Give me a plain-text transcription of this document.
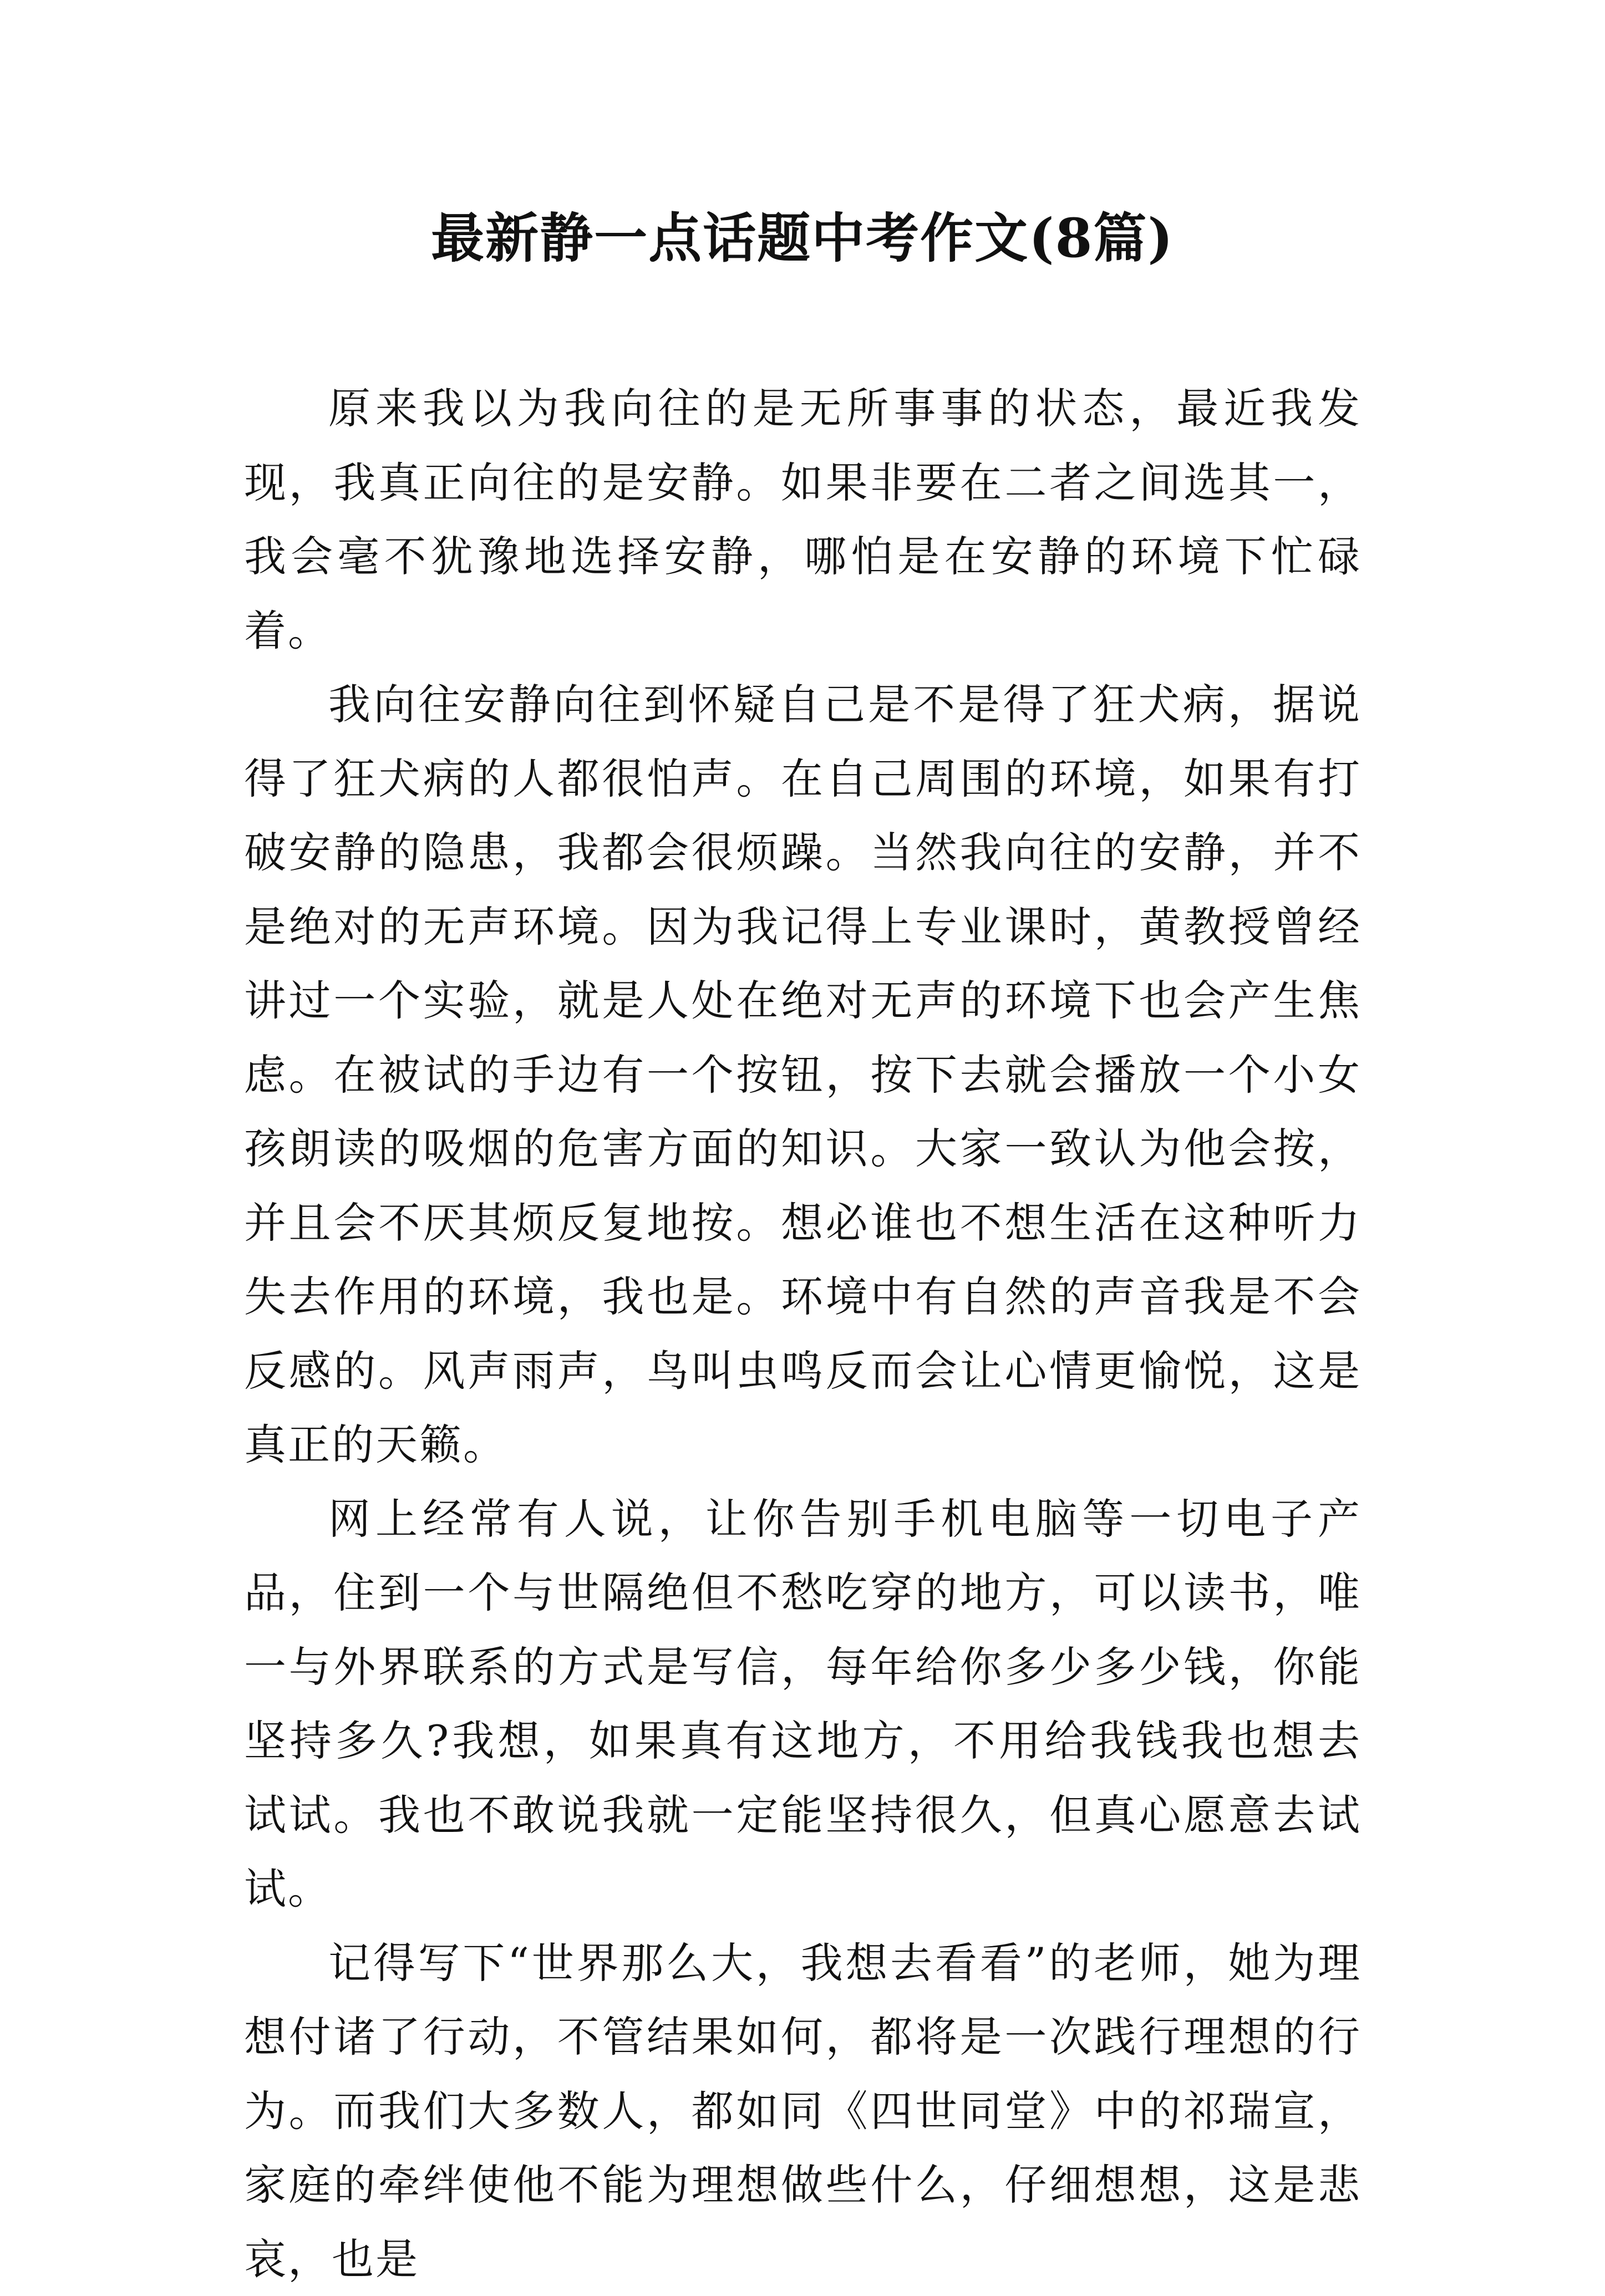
最新静一点话题中考作文(8篇)

原来我以为我向往的是无所事事的状态，最近我发现，我真正向往的是安静。如果非要在二者之间选其一，我会毫不犹豫地选择安静，哪怕是在安静的环境下忙碌着。

我向往安静向往到怀疑自己是不是得了狂犬病，据说得了狂犬病的人都很怕声。在自己周围的环境，如果有打破安静的隐患，我都会很烦躁。当然我向往的安静，并不是绝对的无声环境。因为我记得上专业课时，黄教授曾经讲过一个实验，就是人处在绝对无声的环境下也会产生焦虑。在被试的手边有一个按钮，按下去就会播放一个小女孩朗读的吸烟的危害方面的知识。大家一致认为他会按，并且会不厌其烦反复地按。想必谁也不想生活在这种听力失去作用的环境，我也是。环境中有自然的声音我是不会反感的。风声雨声，鸟叫虫鸣反而会让心情更愉悦，这是真正的天籁。

网上经常有人说，让你告别手机电脑等一切电子产品，住到一个与世隔绝但不愁吃穿的地方，可以读书，唯一与外界联系的方式是写信，每年给你多少多少钱，你能坚持多久?我想，如果真有这地方，不用给我钱我也想去试试。我也不敢说我就一定能坚持很久，但真心愿意去试试。

记得写下“世界那么大，我想去看看”的老师，她为理想付诸了行动，不管结果如何，都将是一次践行理想的行为。而我们大多数人，都如同《四世同堂》中的祁瑞宣，家庭的牵绊使他不能为理想做些什么，仔细想想，这是悲哀，也是
